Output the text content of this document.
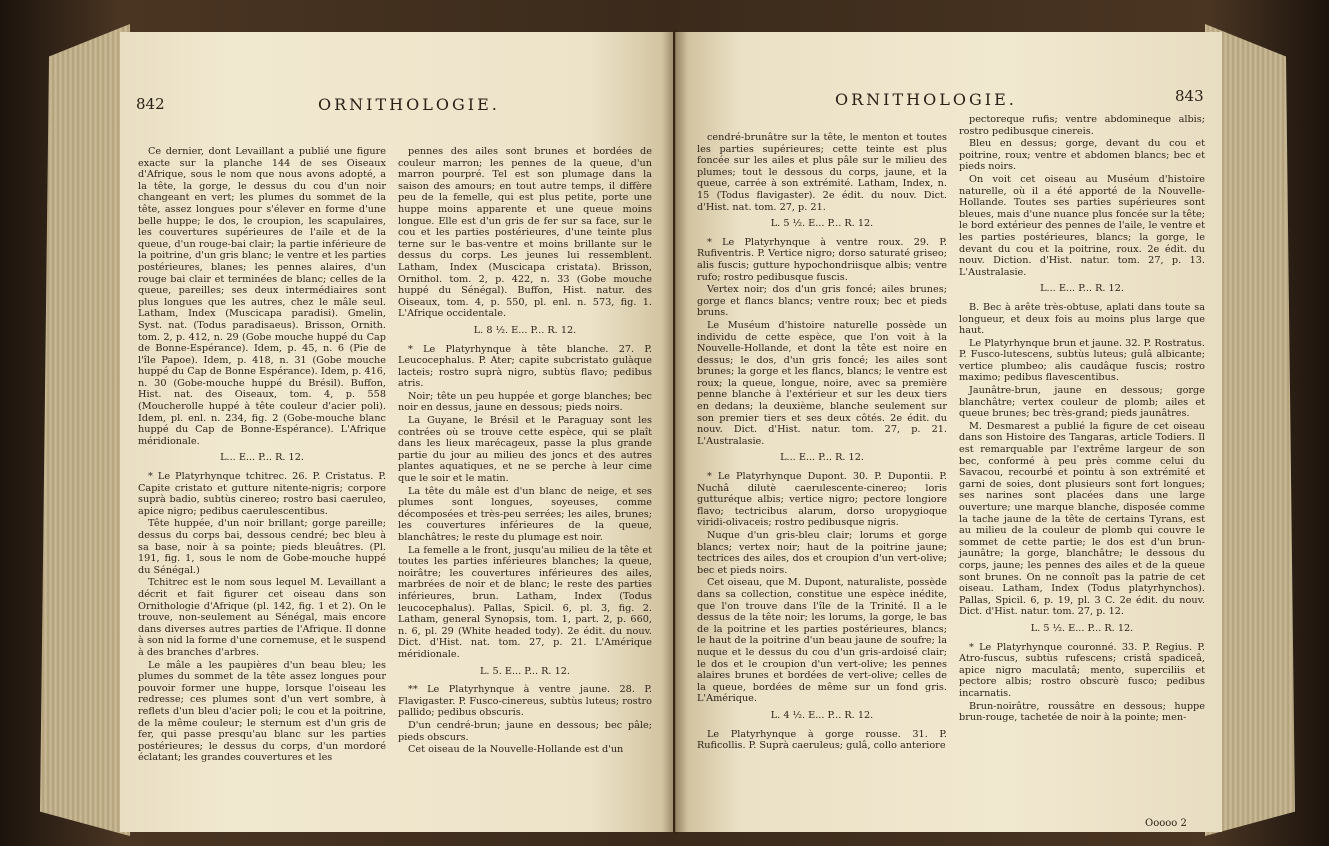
842	ORNITHOLOGIE.

Ce dernier, dont Levaillant a publié une figure exacte sur la planche 144 de ses Oiseaux d'Afrique, sous le nom que nous avons adopté, a la tête, la gorge, le dessus du cou d'un noir changeant en vert; les plumes du sommet de la tête, assez longues pour s'élever en forme d'une belle huppe; le dos, le croupion, les scapulaires, les couvertures supérieures de l'aile et de la queue, d'un rouge-bai clair; la partie inférieure de la poitrine, d'un gris blanc; le ventre et les parties postérieures, blanes; les pennes alaires, d'un rouge bai clair et terminées de blanc; celles de la queue, pareilles; ses deux intermédiaires sont plus longues que les autres, chez le mâle seul. Latham, Index (Muscicapa paradisi). Gmelin, Syst. nat. (Todus paradisaeus). Brisson, Ornith. tom. 2, p. 412, n. 29 (Gobe mouche huppé du Cap de Bonne-Espérance). Idem, p. 45, n. 6 (Pie de l'île Papoe). Idem, p. 418, n. 31 (Gobe mouche huppé du Cap de Bonne Espérance). Idem, p. 416, n. 30 (Gobe-mouche huppé du Brésil). Buffon, Hist. nat. des Oiseaux, tom. 4, p. 558 (Moucherolle huppé à tête couleur d'acier poli). Idem, pl. enl. n. 234, fig. 2 (Gobe-mouche blanc huppé du Cap de Bonne-Espérance). L'Afrique méridionale.

L... E... P... R. 12.

* Le Platyrhynque tchitrec. 26. P. Cristatus. P. Capite cristato et gutture nitente-nigris; corpore suprà badio, subtùs cinereo; rostro basi caeruleo, apice nigro; pedibus caerulescentibus.

Tête huppée, d'un noir brillant; gorge pareille; dessus du corps bai, dessous cendré; bec bleu à sa base, noir à sa pointe; pieds bleuâtres. (Pl. 191, fig. 1, sous le nom de Gobe-mouche huppé du Sénégal.)

Tchitrec est le nom sous lequel M. Levaillant a décrit et fait figurer cet oiseau dans son Ornithologie d'Afrique (pl. 142, fig. 1 et 2). On le trouve, non-seulement au Sénégal, mais encore dans diverses autres parties de l'Afrique. Il donne à son nid la forme d'une cornemuse, et le suspend à des branches d'arbres.

Le mâle a les paupières d'un beau bleu; les plumes du sommet de la tête assez longues pour pouvoir former une huppe, lorsque l'oiseau les redresse; ces plumes sont d'un vert sombre, à reflets d'un bleu d'acier poli; le cou et la poitrine, de la même couleur; le sternum est d'un gris de fer, qui passe presqu'au blanc sur les parties postérieures; le dessus du corps, d'un mordoré éclatant; les grandes couvertures et les

pennes des ailes sont brunes et bordées de couleur marron; les pennes de la queue, d'un marron pourpré. Tel est son plumage dans la saison des amours; en tout autre temps, il diffère peu de la femelle, qui est plus petite, porte une huppe moins apparente et une queue moins longue. Elle est d'un gris de fer sur sa face, sur le cou et les parties postérieures, d'une teinte plus terne sur le bas-ventre et moins brillante sur le dessus du corps. Les jeunes lui ressemblent. Latham, Index (Muscicapa cristata). Brisson, Ornithol. tom. 2, p. 422, n. 33 (Gobe mouche huppé du Sénégal). Buffon, Hist. natur. des Oiseaux, tom. 4, p. 550, pl. enl. n. 573, fig. 1. L'Afrique occidentale.

L. 8 ½. E... P... R. 12.

* Le Platyrhynque à tête blanche. 27. P. Leucocephalus. P. Ater; capite subcristato gulàque lacteis; rostro suprà nigro, subtùs flavo; pedibus atris.

Noir; tête un peu huppée et gorge blanches; bec noir en dessus, jaune en dessous; pieds noirs.

La Guyane, le Brésil et le Paraguay sont les contrées où se trouve cette espèce, qui se plaît dans les lieux marécageux, passe la plus grande partie du jour au milieu des joncs et des autres plantes aquatiques, et ne se perche à leur cime que le soir et le matin.

La tête du mâle est d'un blanc de neige, et ses plumes sont longues, soyeuses, comme décomposées et très-peu serrées; les ailes, brunes; les couvertures inférieures de la queue, blanchâtres; le reste du plumage est noir.

La femelle a le front, jusqu'au milieu de la tête et toutes les parties inférieures blanches; la queue, noirâtre; les couvertures inférieures des ailes, marbrées de noir et de blanc; le reste des parties inférieures, brun. Latham, Index (Todus leucocephalus). Pallas, Spicil. 6, pl. 3, fig. 2. Latham, general Synopsis, tom. 1, part. 2, p. 660, n. 6, pl. 29 (White headed tody). 2e édit. du nouv. Dict. d'Hist. nat. tom. 27, p. 21. L'Amérique méridionale.

L. 5. E... P... R. 12.

** Le Platyrhynque à ventre jaune. 28. P. Flavigaster. P. Fusco-cinereus, subtùs luteus; rostro pallido; pedibus obscuris.

D'un cendré-brun; jaune en dessous; bec pâle; pieds obscurs.

Cet oiseau de la Nouvelle-Hollande est d'un

ORNITHOLOGIE.	843

cendré-brunâtre sur la tête, le menton et toutes les parties supérieures; cette teinte est plus foncée sur les ailes et plus pâle sur le milieu des plumes; tout le dessous du corps, jaune, et la queue, carrée à son extrémité. Latham, Index, n. 15 (Todus flavigaster). 2e édit. du nouv. Dict. d'Hist. nat. tom. 27, p. 21.

L. 5 ½. E... P... R. 12.

* Le Platyrhynque à ventre roux. 29. P. Rufiventris. P. Vertice nigro; dorso saturaté griseo; alis fuscis; gutture hypochondriisque albis; ventre rufo; rostro pedibusque fuscis.

Vertex noir; dos d'un gris foncé; ailes brunes; gorge et flancs blancs; ventre roux; bec et pieds bruns.

Le Muséum d'histoire naturelle possède un individu de cette espèce, que l'on voit à la Nouvelle-Hollande, et dont la tête est noire en dessus; le dos, d'un gris foncé; les ailes sont brunes; la gorge et les flancs, blancs; le ventre est roux; la queue, longue, noire, avec sa première penne blanche à l'extérieur et sur les deux tiers en dedans; la deuxième, blanche seulement sur son premier tiers et ses deux côtés. 2e édit. du nouv. Dict. d'Hist. natur. tom. 27, p. 21. L'Australasie.

L... E... P... R. 12.

* Le Platyrhynque Dupont. 30. P. Dupontii. P. Nuchâ dilutè caerulescente-cinereo; loris gutturéque albis; vertice nigro; pectore longiore flavo; tectricibus alarum, dorso uropygioque viridi-olivaceis; rostro pedibusque nigris.

Nuque d'un gris-bleu clair; lorums et gorge blancs; vertex noir; haut de la poitrine jaune; tectrices des ailes, dos et croupion d'un vert-olive; bec et pieds noirs.

Cet oiseau, que M. Dupont, naturaliste, possède dans sa collection, constitue une espèce inédite, que l'on trouve dans l'île de la Trinité. Il a le dessus de la tête noir; les lorums, la gorge, le bas de la poitrine et les parties postérieures, blancs; le haut de la poitrine d'un beau jaune de soufre; la nuque et le dessus du cou d'un gris-ardoisé clair; le dos et le croupion d'un vert-olive; les pennes alaires brunes et bordées de vert-olive; celles de la queue, bordées de même sur un fond gris. L'Amérique.

L. 4 ½. E... P... R. 12.

Le Platyrhynque à gorge rousse. 31. P. Ruficollis. P. Suprà caeruleus; gulâ, collo anteriore

pectoreque rufis; ventre abdomineque albis; rostro pedibusque cinereis.

Bleu en dessus; gorge, devant du cou et poitrine, roux; ventre et abdomen blancs; bec et pieds noirs.

On voit cet oiseau au Muséum d'histoire naturelle, où il a été apporté de la Nouvelle-Hollande. Toutes ses parties supérieures sont bleues, mais d'une nuance plus foncée sur la tête; le bord extérieur des pennes de l'aile, le ventre et les parties postérieures, blancs; la gorge, le devant du cou et la poitrine, roux. 2e édit. du nouv. Diction. d'Hist. natur. tom. 27, p. 13. L'Australasie.

L... E... P... R. 12.

B. Bec à arête très-obtuse, aplati dans toute sa longueur, et deux fois au moins plus large que haut.

Le Platyrhynque brun et jaune. 32. P. Rostratus. P. Fusco-lutescens, subtùs luteus; gulâ albicante; vertice plumbeo; alis caudâque fuscis; rostro maximo; pedibus flavescentibus.

Jaunâtre-brun, jaune en dessous; gorge blanchâtre; vertex couleur de plomb; ailes et queue brunes; bec très-grand; pieds jaunâtres.

M. Desmarest a publié la figure de cet oiseau dans son Histoire des Tangaras, article Todiers. Il est remarquable par l'extrême largeur de son bec, conformé à peu près comme celui du Savacou, recourbé et pointu à son extrémité et garni de soies, dont plusieurs sont fort longues; ses narines sont placées dans une large ouverture; une marque blanche, disposée comme la tache jaune de la tête de certains Tyrans, est au milieu de la couleur de plomb qui couvre le sommet de cette partie; le dos est d'un brun-jaunâtre; la gorge, blanchâtre; le dessous du corps, jaune; les pennes des ailes et de la queue sont brunes. On ne connoît pas la patrie de cet oiseau. Latham, Index (Todus platyrhynchos). Pallas, Spicil. 6, p. 19, pl. 3 C. 2e édit. du nouv. Dict. d'Hist. natur. tom. 27, p. 12.

L. 5 ½. E... P... R. 12.

* Le Platyrhynque couronné. 33. P. Regius. P. Atro-fuscus, subtùs rufescens; cristâ spadiceâ, apice nigro maculatâ; mento, superciliis et pectore albis; rostro obscurè fusco; pedibus incarnatis.

Brun-noirâtre, roussâtre en dessous; huppe brun-rouge, tachetée de noir à la pointe; men-

Ooooo 2
